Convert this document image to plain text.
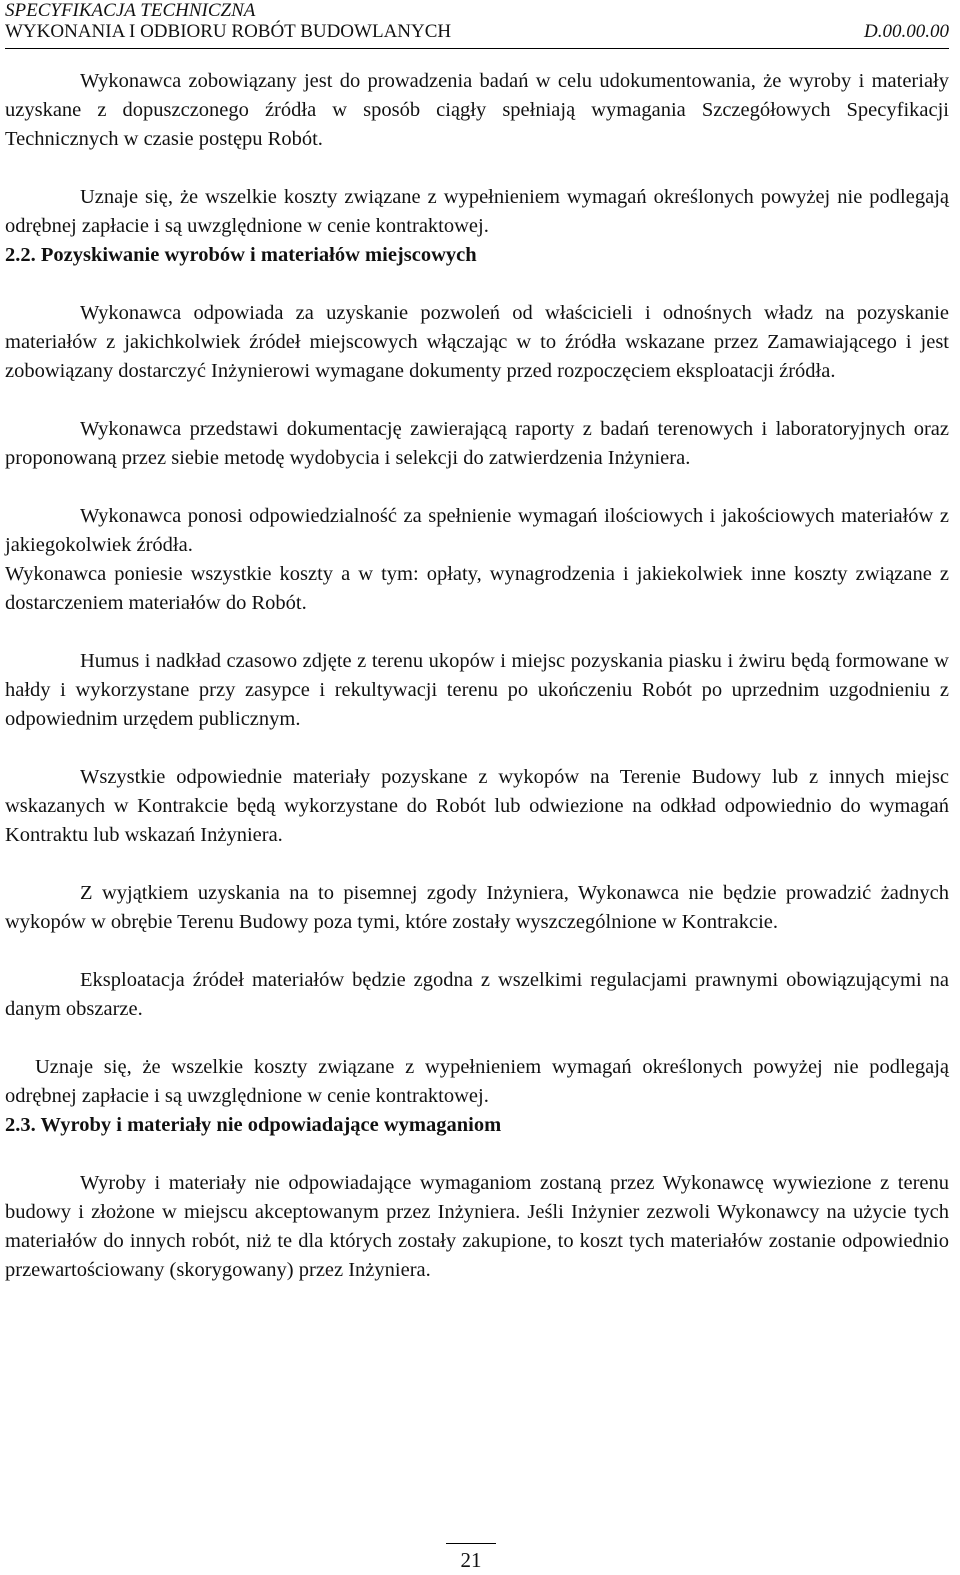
SPECYFIKACJA TECHNICZNA
WYKONANIA I ODBIORU ROBÓT BUDOWLANYCH	D.00.00.00

Wykonawca zobowiązany jest do prowadzenia badań w celu udokumentowania, że wyroby i materiały uzyskane z dopuszczonego źródła w sposób ciągły spełniają wymagania Szczegółowych Specyfikacji Technicznych w czasie postępu Robót.

Uznaje się, że wszelkie koszty związane z wypełnieniem wymagań określonych powyżej nie podlegają odrębnej zapłacie i są uwzględnione w cenie kontraktowej.

2.2. Pozyskiwanie wyrobów i materiałów miejscowych

Wykonawca odpowiada za uzyskanie pozwoleń od właścicieli i odnośnych władz na pozyskanie materiałów z jakichkolwiek źródeł miejscowych włączając w to źródła wskazane przez Zamawiającego i jest zobowiązany dostarczyć Inżynierowi wymagane dokumenty przed rozpoczęciem eksploatacji źródła.

Wykonawca przedstawi dokumentację zawierającą raporty z badań terenowych i laboratoryjnych oraz proponowaną przez siebie metodę wydobycia i selekcji do zatwierdzenia Inżyniera.

Wykonawca ponosi odpowiedzialność za spełnienie wymagań ilościowych i jakościowych materiałów z jakiegokolwiek źródła.

Wykonawca poniesie wszystkie koszty a w tym: opłaty, wynagrodzenia i jakiekolwiek inne koszty związane z dostarczeniem materiałów do Robót.

Humus i nadkład czasowo zdjęte z terenu ukopów i miejsc pozyskania piasku i żwiru będą formowane w hałdy i wykorzystane przy zasypce i rekultywacji terenu po ukończeniu Robót po uprzednim uzgodnieniu z odpowiednim urzędem publicznym.

Wszystkie odpowiednie materiały pozyskane z wykopów na Terenie Budowy lub z innych miejsc wskazanych w Kontrakcie będą wykorzystane do Robót lub odwiezione na odkład odpowiednio do wymagań Kontraktu lub wskazań Inżyniera.

Z wyjątkiem uzyskania na to pisemnej zgody Inżyniera, Wykonawca nie będzie prowadzić żadnych wykopów w obrębie Terenu Budowy poza tymi, które zostały wyszczególnione w Kontrakcie.

Eksploatacja źródeł materiałów będzie zgodna z wszelkimi regulacjami prawnymi obowiązującymi na danym obszarze.

Uznaje się, że wszelkie koszty związane z wypełnieniem wymagań określonych powyżej nie podlegają odrębnej zapłacie i są uwzględnione w cenie kontraktowej.

2.3. Wyroby i materiały nie odpowiadające wymaganiom

Wyroby i materiały nie odpowiadające wymaganiom zostaną przez Wykonawcę wywiezione z terenu budowy i złożone w miejscu akceptowanym przez Inżyniera. Jeśli Inżynier zezwoli Wykonawcy na użycie tych materiałów do innych robót, niż te dla których zostały zakupione, to koszt tych materiałów zostanie odpowiednio przewartościowany (skorygowany) przez Inżyniera.

21
